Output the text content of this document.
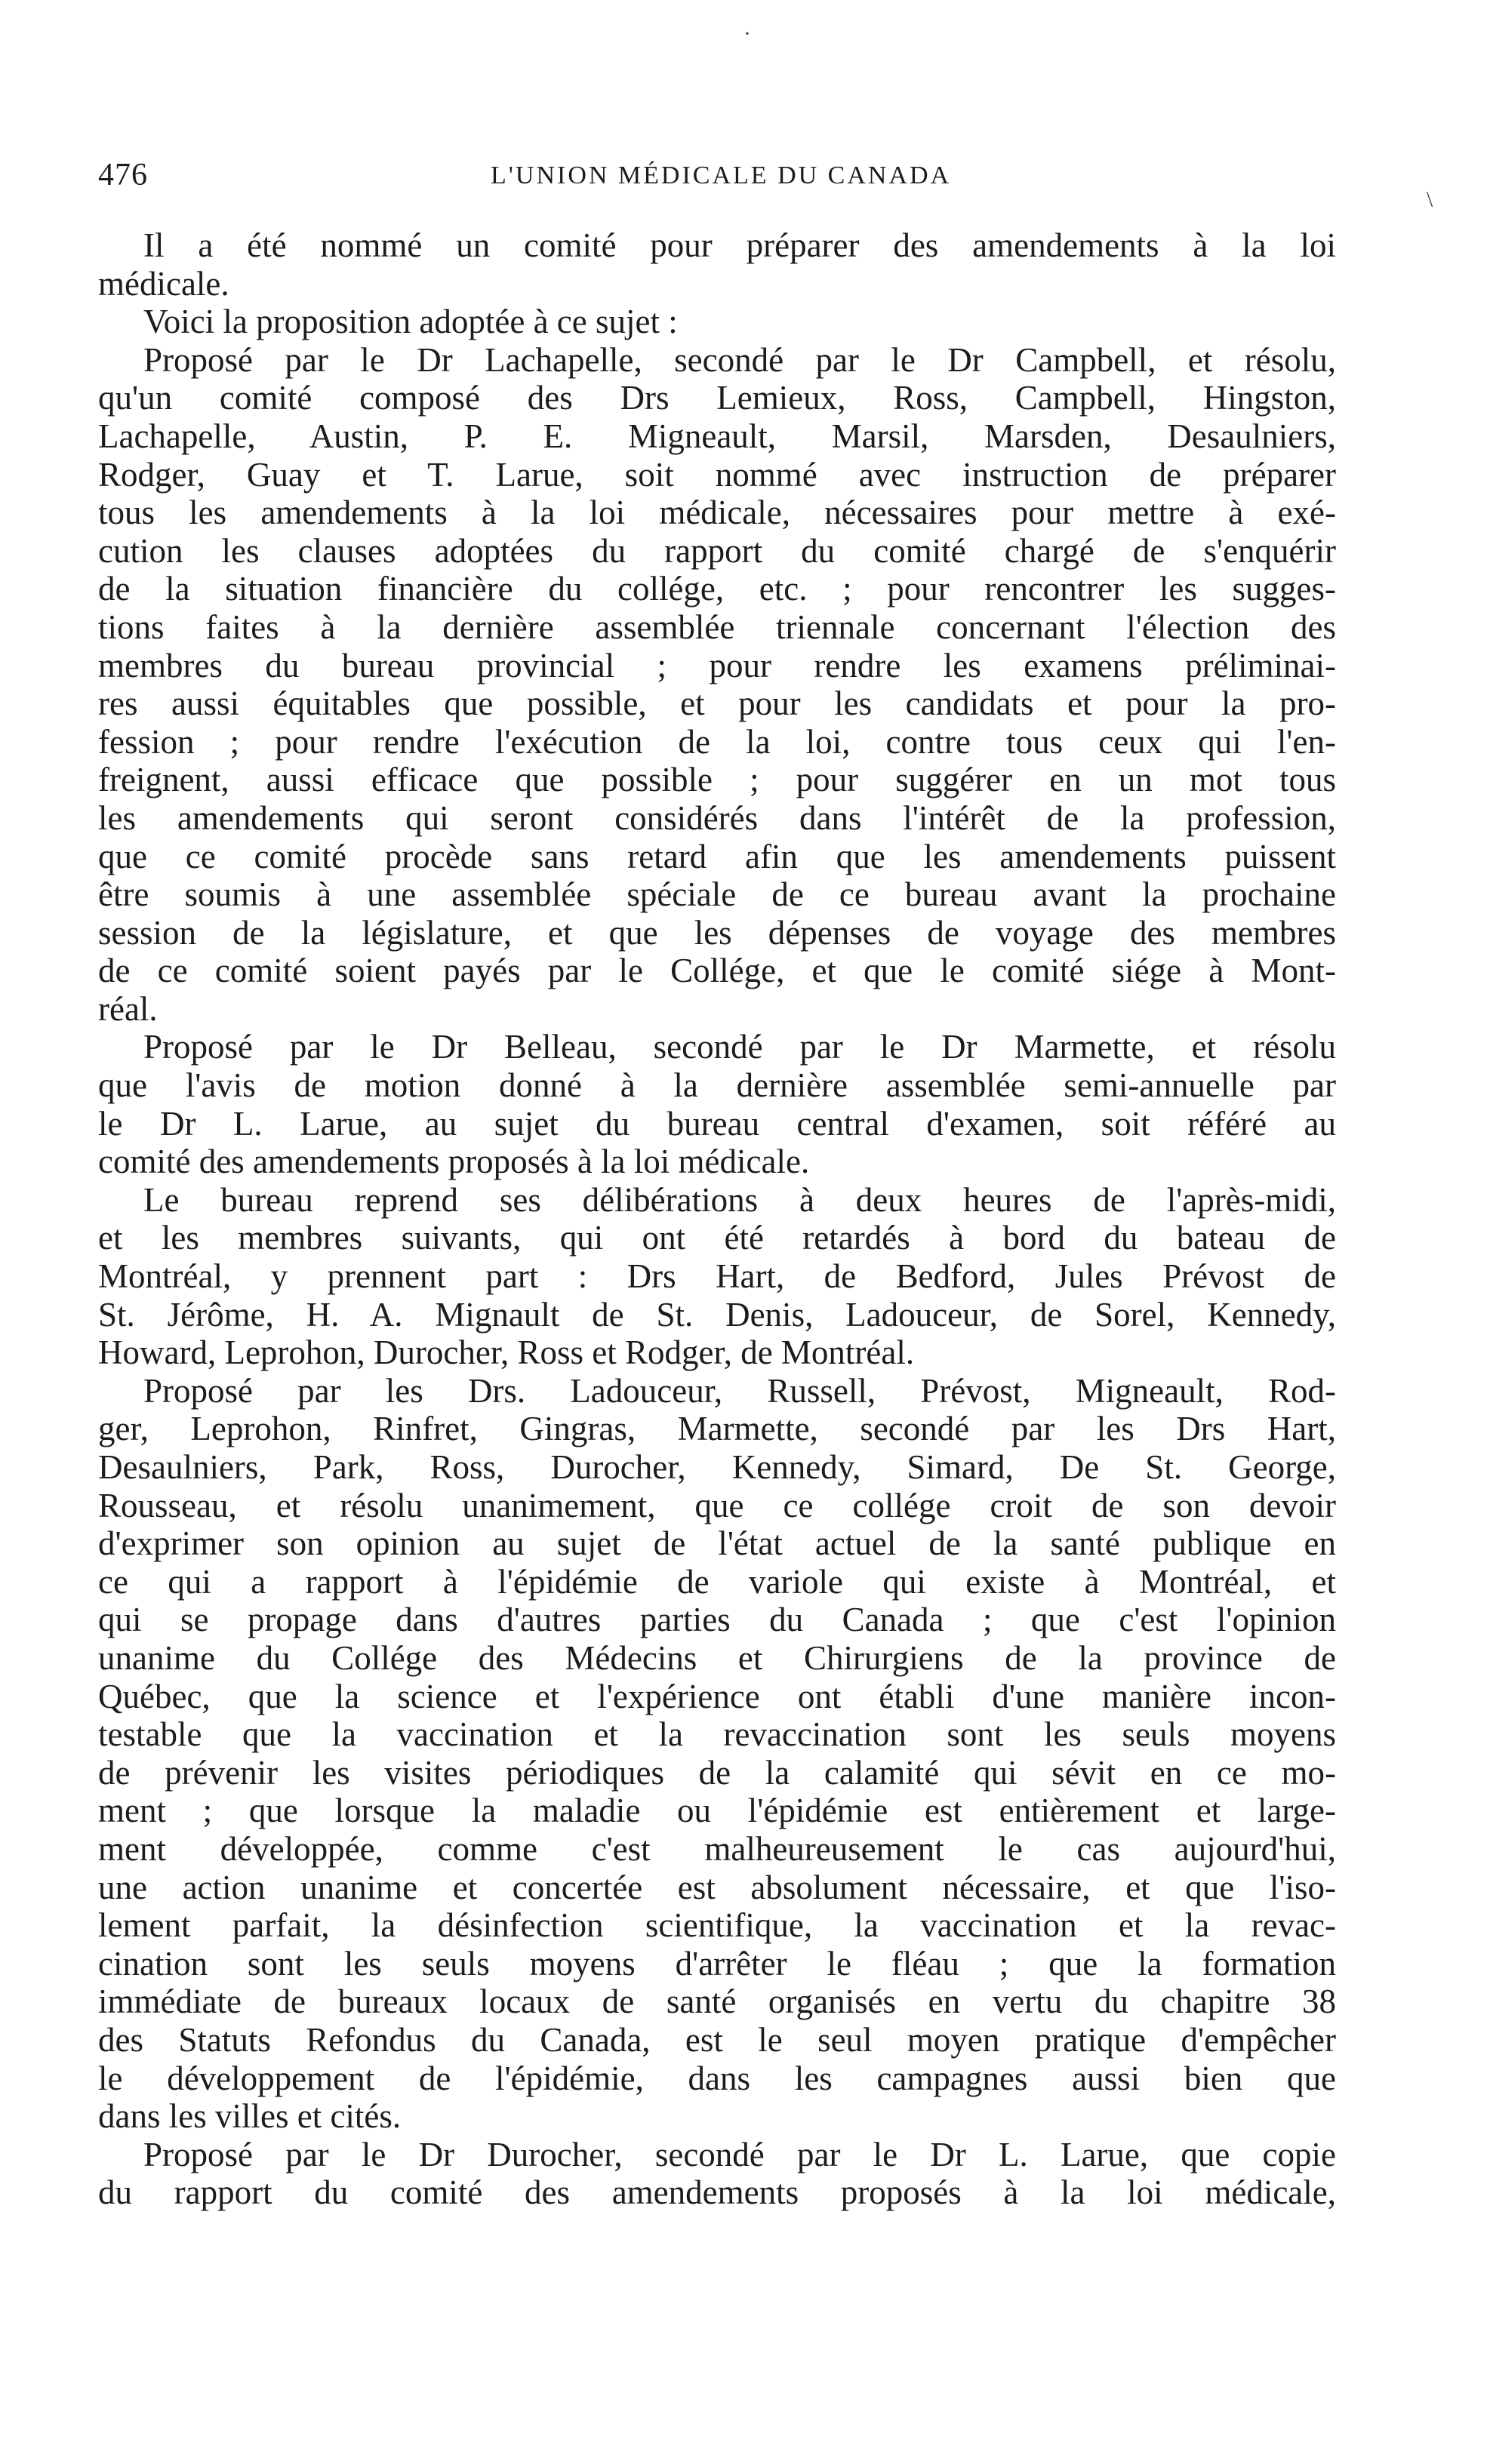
·
\
476	L'UNION MÉDICALE DU CANADA
Il a été nommé un comité pour préparer des amendements à la loi
médicale.
Voici la proposition adoptée à ce sujet :
Proposé par le Dr Lachapelle, secondé par le Dr Campbell, et résolu,
qu'un comité composé des Drs Lemieux, Ross, Campbell, Hingston,
Lachapelle, Austin, P. E. Migneault, Marsil, Marsden, Desaulniers,
Rodger, Guay et T. Larue, soit nommé avec instruction de préparer
tous les amendements à la loi médicale, nécessaires pour mettre à exé-
cution les clauses adoptées du rapport du comité chargé de s'enquérir
de la situation financière du collége, etc. ; pour rencontrer les sugges-
tions faites à la dernière assemblée triennale concernant l'élection des
membres du bureau provincial ; pour rendre les examens préliminai-
res aussi équitables que possible, et pour les candidats et pour la pro-
fession ; pour rendre l'exécution de la loi, contre tous ceux qui l'en-
freignent, aussi efficace que possible ; pour suggérer en un mot tous
les amendements qui seront considérés dans l'intérêt de la profession,
que ce comité procède sans retard afin que les amendements puissent
être soumis à une assemblée spéciale de ce bureau avant la prochaine
session de la législature, et que les dépenses de voyage des membres
de ce comité soient payés par le Collége, et que le comité siége à Mont-
réal.
Proposé par le Dr Belleau, secondé par le Dr Marmette, et résolu
que l'avis de motion donné à la dernière assemblée semi-annuelle par
le Dr L. Larue, au sujet du bureau central d'examen, soit référé au
comité des amendements proposés à la loi médicale.
Le bureau reprend ses délibérations à deux heures de l'après-midi,
et les membres suivants, qui ont été retardés à bord du bateau de
Montréal, y prennent part : Drs Hart, de Bedford, Jules Prévost de
St. Jérôme, H. A. Mignault de St. Denis, Ladouceur, de Sorel, Kennedy,
Howard, Leprohon, Durocher, Ross et Rodger, de Montréal.
Proposé par les Drs. Ladouceur, Russell, Prévost, Migneault, Rod-
ger, Leprohon, Rinfret, Gingras, Marmette, secondé par les Drs Hart,
Desaulniers, Park, Ross, Durocher, Kennedy, Simard, De St. George,
Rousseau, et résolu unanimement, que ce collége croit de son devoir
d'exprimer son opinion au sujet de l'état actuel de la santé publique en
ce qui a rapport à l'épidémie de variole qui existe à Montréal, et
qui se propage dans d'autres parties du Canada ; que c'est l'opinion
unanime du Collége des Médecins et Chirurgiens de la province de
Québec, que la science et l'expérience ont établi d'une manière incon-
testable que la vaccination et la revaccination sont les seuls moyens
de prévenir les visites périodiques de la calamité qui sévit en ce mo-
ment ; que lorsque la maladie ou l'épidémie est entièrement et large-
ment développée, comme c'est malheureusement le cas aujourd'hui,
une action unanime et concertée est absolument nécessaire, et que l'iso-
lement parfait, la désinfection scientifique, la vaccination et la revac-
cination sont les seuls moyens d'arrêter le fléau ; que la formation
immédiate de bureaux locaux de santé organisés en vertu du chapitre 38
des Statuts Refondus du Canada, est le seul moyen pratique d'empêcher
le développement de l'épidémie, dans les campagnes aussi bien que
dans les villes et cités.
Proposé par le Dr Durocher, secondé par le Dr L. Larue, que copie
du rapport du comité des amendements proposés à la loi médicale,
